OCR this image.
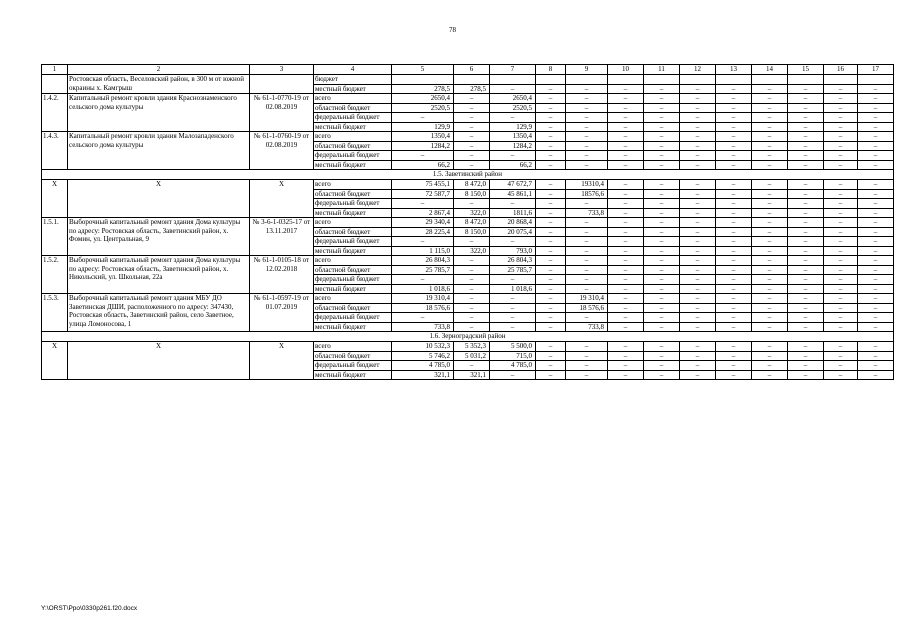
78
1	2	3	4	5	6	7	8	9	10	11	12	13	14	15	16	17
	Ростовская область, Веселовский район, в 300 м от южной окраины х. Камгрыш		бюджет													
			местный бюджет	278,5	278,5	–	–	–	–	–	–	–	–	–	–	–
1.4.2.	Капитальный ремонт кровли здания Краснознаменского сельского дома культуры	№ 61-1-0770-19 от 02.08.2019	всего	2650,4	–	2650,4	–	–	–	–	–	–	–	–	–	–
			областной бюджет	2520,5	–	2520,5	–	–	–	–	–	–	–	–	–	–
			федеральный бюджет	–	–	–	–	–	–	–	–	–	–	–	–	–
			местный бюджет	129,9	–	129,9	–	–	–	–	–	–	–	–	–	–
1.4.3.	Капитальный ремонт кровли здания Малозападенского сельского дома культуры	№ 61-1-0760-19 от 02.08.2019	всего	1350,4	–	1350,4	–	–	–	–	–	–	–	–	–	–
			областной бюджет	1284,2	–	1284,2	–	–	–	–	–	–	–	–	–	–
			федеральный бюджет	–	–	–	–	–	–	–	–	–	–	–	–	–
			местный бюджет	66,2	–	66,2	–	–	–	–	–	–	–	–	–	–
1.5. Заветинский район																
X	X	X	всего	75 455,1	8 472,0	47 672,7	–	19310,4	–	–	–	–	–	–	–	–
			областной бюджет	72 587,7	8 150,0	45 861,1	–	18576,6	–	–	–	–	–	–	–	–
			федеральный бюджет	–	–	–	–	–	–	–	–	–	–	–	–	–
			местный бюджет	2 867,4	322,0	1811,6	–	733,8	–	–	–	–	–	–	–	–
1.5.1.	Выборочный капитальный ремонт здания Дома культуры по адресу: Ростовская область, Заветинский район, х. Фомин, ул. Центральная, 9	№ 3-6-1-0325-17 от 13.11.2017	всего	29 340,4	8 472,0	20 868,4	–	–	–	–	–	–	–	–	–	–
			областной бюджет	28 225,4	8 150,0	20 075,4	–	–	–	–	–	–	–	–	–	–
			федеральный бюджет	–	–	–	–	–	–	–	–	–	–	–	–	–
			местный бюджет	1 115,0	322,0	793,0	–	–	–	–	–	–	–	–	–	–
1.5.2.	Выборочный капитальный ремонт здания Дома культуры по адресу: Ростовская область, Заветинский район, х. Никольский, ул. Школьная, 22а	№ 61-1-0105-18 от 12.02.2018	всего	26 804,3	–	26 804,3	–	–	–	–	–	–	–	–	–	–
			областной бюджет	25 785,7	–	25 785,7	–	–	–	–	–	–	–	–	–	–
			федеральный бюджет	–	–	–	–	–	–	–	–	–	–	–	–	–
			местный бюджет	1 018,6	–	1 018,6	–	–	–	–	–	–	–	–	–	–
1.5.3.	Выборочный капитальный ремонт здания МБУ ДО Заветинская ДШИ, расположенного по адресу: 347430, Ростовская область, Заветинский район, село Заветное, улица Ломоносова, 1	№ 61-1-0597-19 от 01.07.2019	всего	19 310,4	–	–	–	19 310,4	–	–	–	–	–	–	–	–
			областной бюджет	18 576,6	–	–	–	18 576,6	–	–	–	–	–	–	–	–
			федеральный бюджет	–	–	–	–	–	–	–	–	–	–	–	–	–
			местный бюджет	733,8	–	–	–	733,8	–	–	–	–	–	–	–	–
1.6. Зерноградский район																
X	X	X	всего	10 532,3	5 352,3	5 500,0	–	–	–	–	–	–	–	–	–	–
			областной бюджет	5 746,2	5 031,2	715,0	–	–	–	–	–	–	–	–	–	–
			федеральный бюджет	4 785,0	–	4 785,0	–	–	–	–	–	–	–	–	–	–
			местный бюджет	321,1	321,1	–	–	–	–	–	–	–	–	–	–	–
Y:\ORST\Ppo\0330p261.f20.docx
